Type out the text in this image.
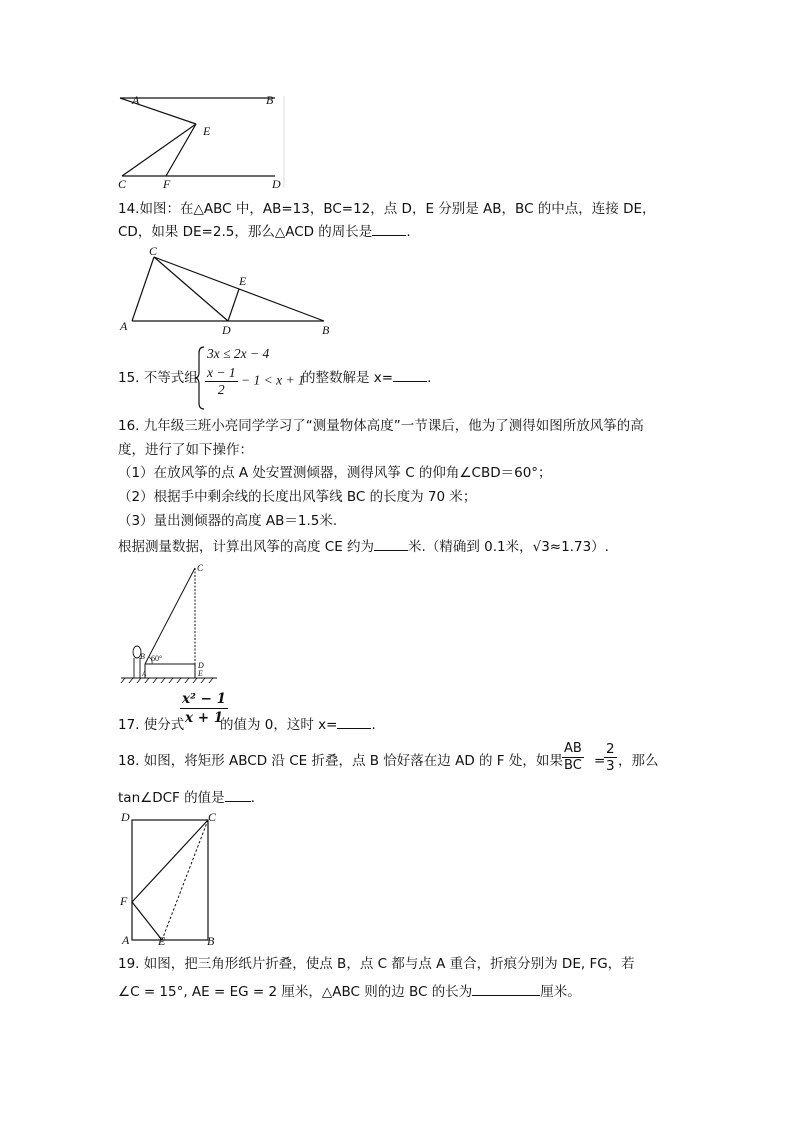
A	B
E
C	F	D
14.如图：在△ABC 中，AB=13，BC=12，点 D，E 分别是 AB，BC 的中点，连接 DE，
CD，如果 DE=2.5，那么△ACD 的周长是	.
C
E
A	D	B
15. 不等式组
3x ≤ 2x − 4
$\frac{x - 1}{2} - 1 < x + 1$
的整数解是 x=	.
16. 九年级三班小亮同学学习了“测量物体高度”一节课后，他为了测得如图所放风筝的高
度，进行了如下操作：
（1）在放风筝的点 A 处安置测倾器，测得风筝 C 的仰角∠CBD＝60°；
（2）根据手中剩余线的长度出风筝线 BC 的长度为 70 米；
（3）量出测倾器的高度 AB＝1.5米.
根据测量数据，计算出风筝的高度 CE 约为	米.（精确到 0.1米，√3≈1.73）.
C
B 60°
D
E
A
17. 使分式
$\frac{\text{x² − 1}}{x + 1}$
的值为 0，这时 x=	.
18. 如图，将矩形 ABCD 沿 CE 折叠，点 B 恰好落在边 AD 的 F 处，如果 $\frac{AB}{BC}$ =
$\frac{2}{3}$ ，那么
tan∠DCF 的值是 .
D	C
F
A E	B
19. 如图，把三角形纸片折叠，使点 B，点 C 都与点 A 重合，折痕分别为 DE, FG，若
∠C = 15°, AE = EG = 2 厘米，△ABC 则的边 BC 的长为	厘米。
